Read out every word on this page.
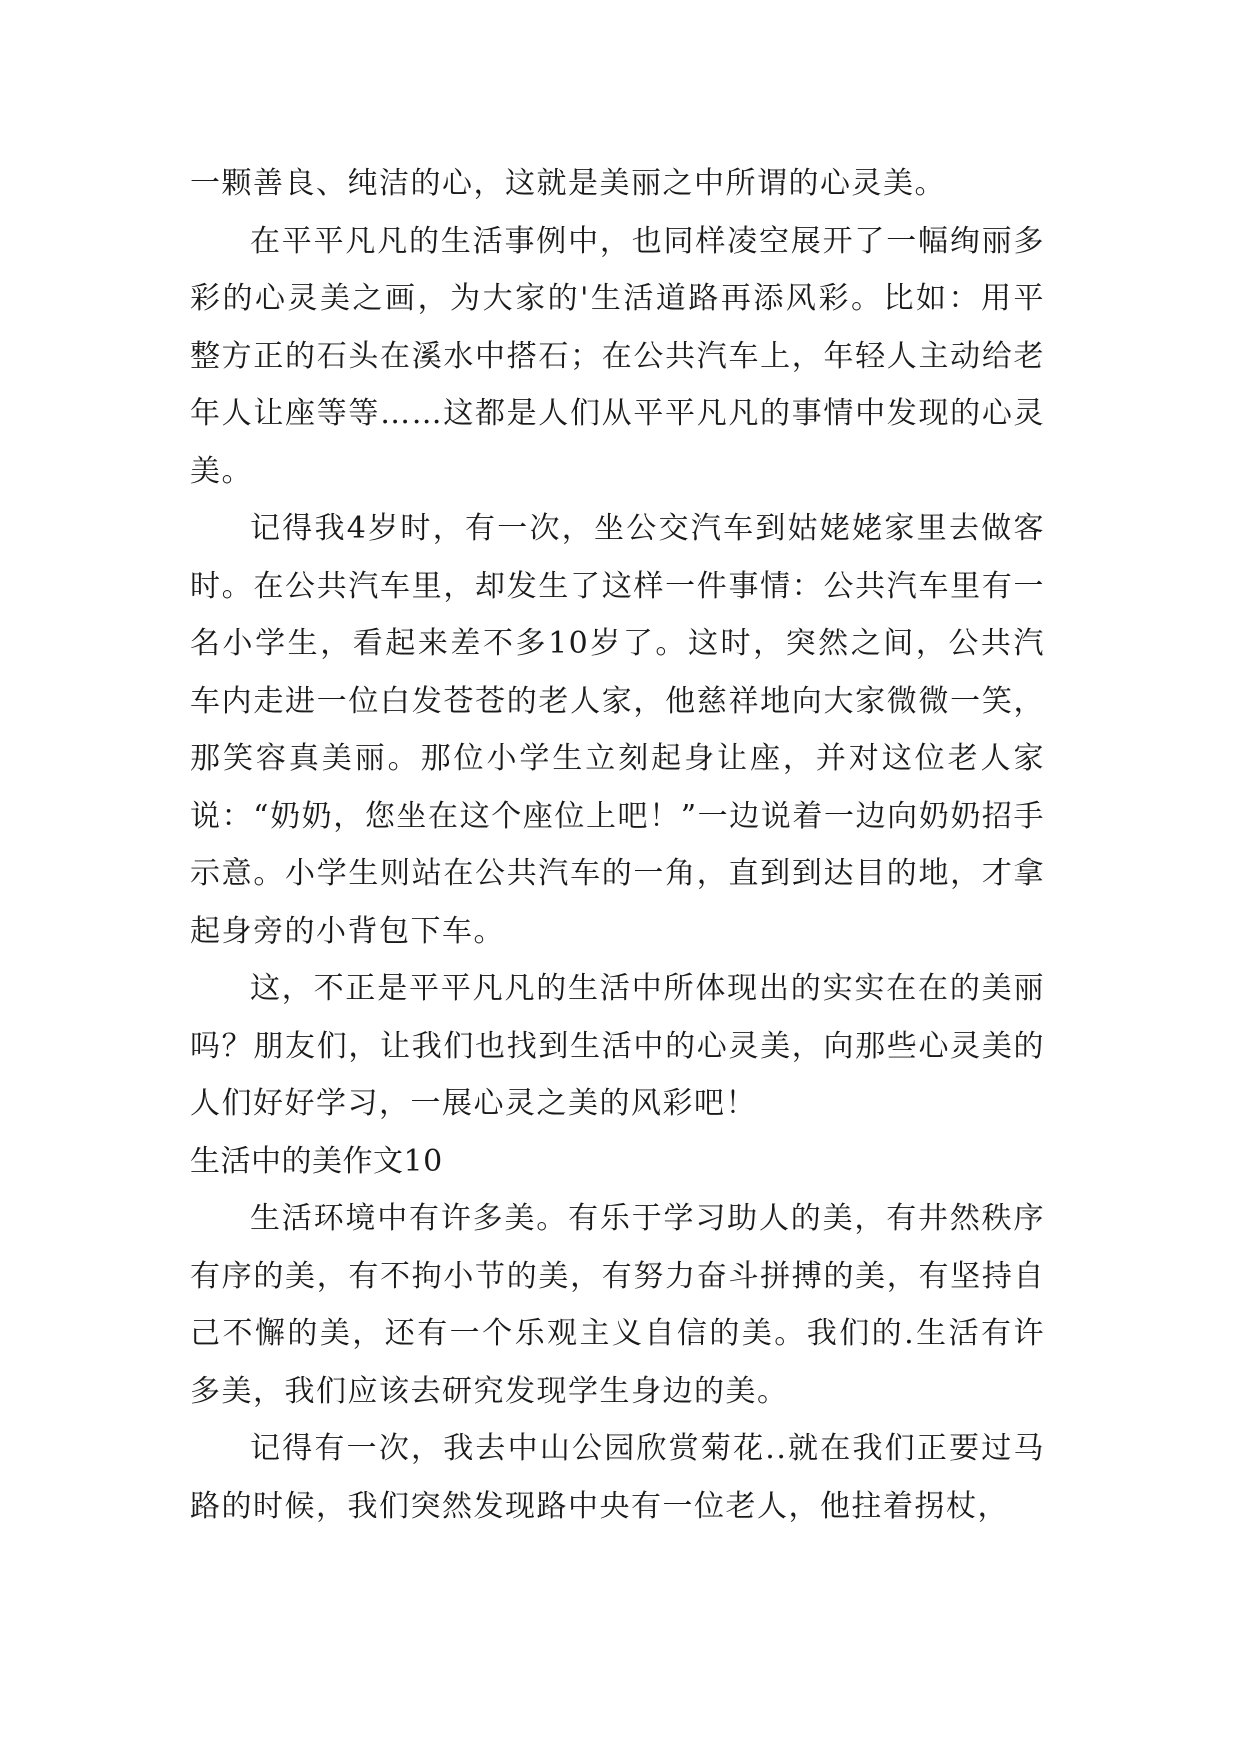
一颗善良、纯洁的心，这就是美丽之中所谓的心灵美。

在平平凡凡的生活事例中，也同样凌空展开了一幅绚丽多彩的心灵美之画，为大家的'生活道路再添风彩。比如：用平整方正的石头在溪水中搭石；在公共汽车上，年轻人主动给老年人让座等等……这都是人们从平平凡凡的事情中发现的心灵美。

记得我4岁时，有一次，坐公交汽车到姑姥姥家里去做客时。在公共汽车里，却发生了这样一件事情：公共汽车里有一名小学生，看起来差不多10岁了。这时，突然之间，公共汽车内走进一位白发苍苍的老人家，他慈祥地向大家微微一笑，那笑容真美丽。那位小学生立刻起身让座，并对这位老人家说：“奶奶，您坐在这个座位上吧！”一边说着一边向奶奶招手示意。小学生则站在公共汽车的一角，直到到达目的地，才拿起身旁的小背包下车。

这，不正是平平凡凡的生活中所体现出的实实在在的美丽吗？朋友们，让我们也找到生活中的心灵美，向那些心灵美的人们好好学习，一展心灵之美的风彩吧！

生活中的美作文10

生活环境中有许多美。有乐于学习助人的美，有井然秩序有序的美，有不拘小节的美，有努力奋斗拼搏的美，有坚持自己不懈的美，还有一个乐观主义自信的美。我们的.生活有许多美，我们应该去研究发现学生身边的美。

记得有一次，我去中山公园欣赏菊花..就在我们正要过马路的时候，我们突然发现路中央有一位老人，他拄着拐杖，
